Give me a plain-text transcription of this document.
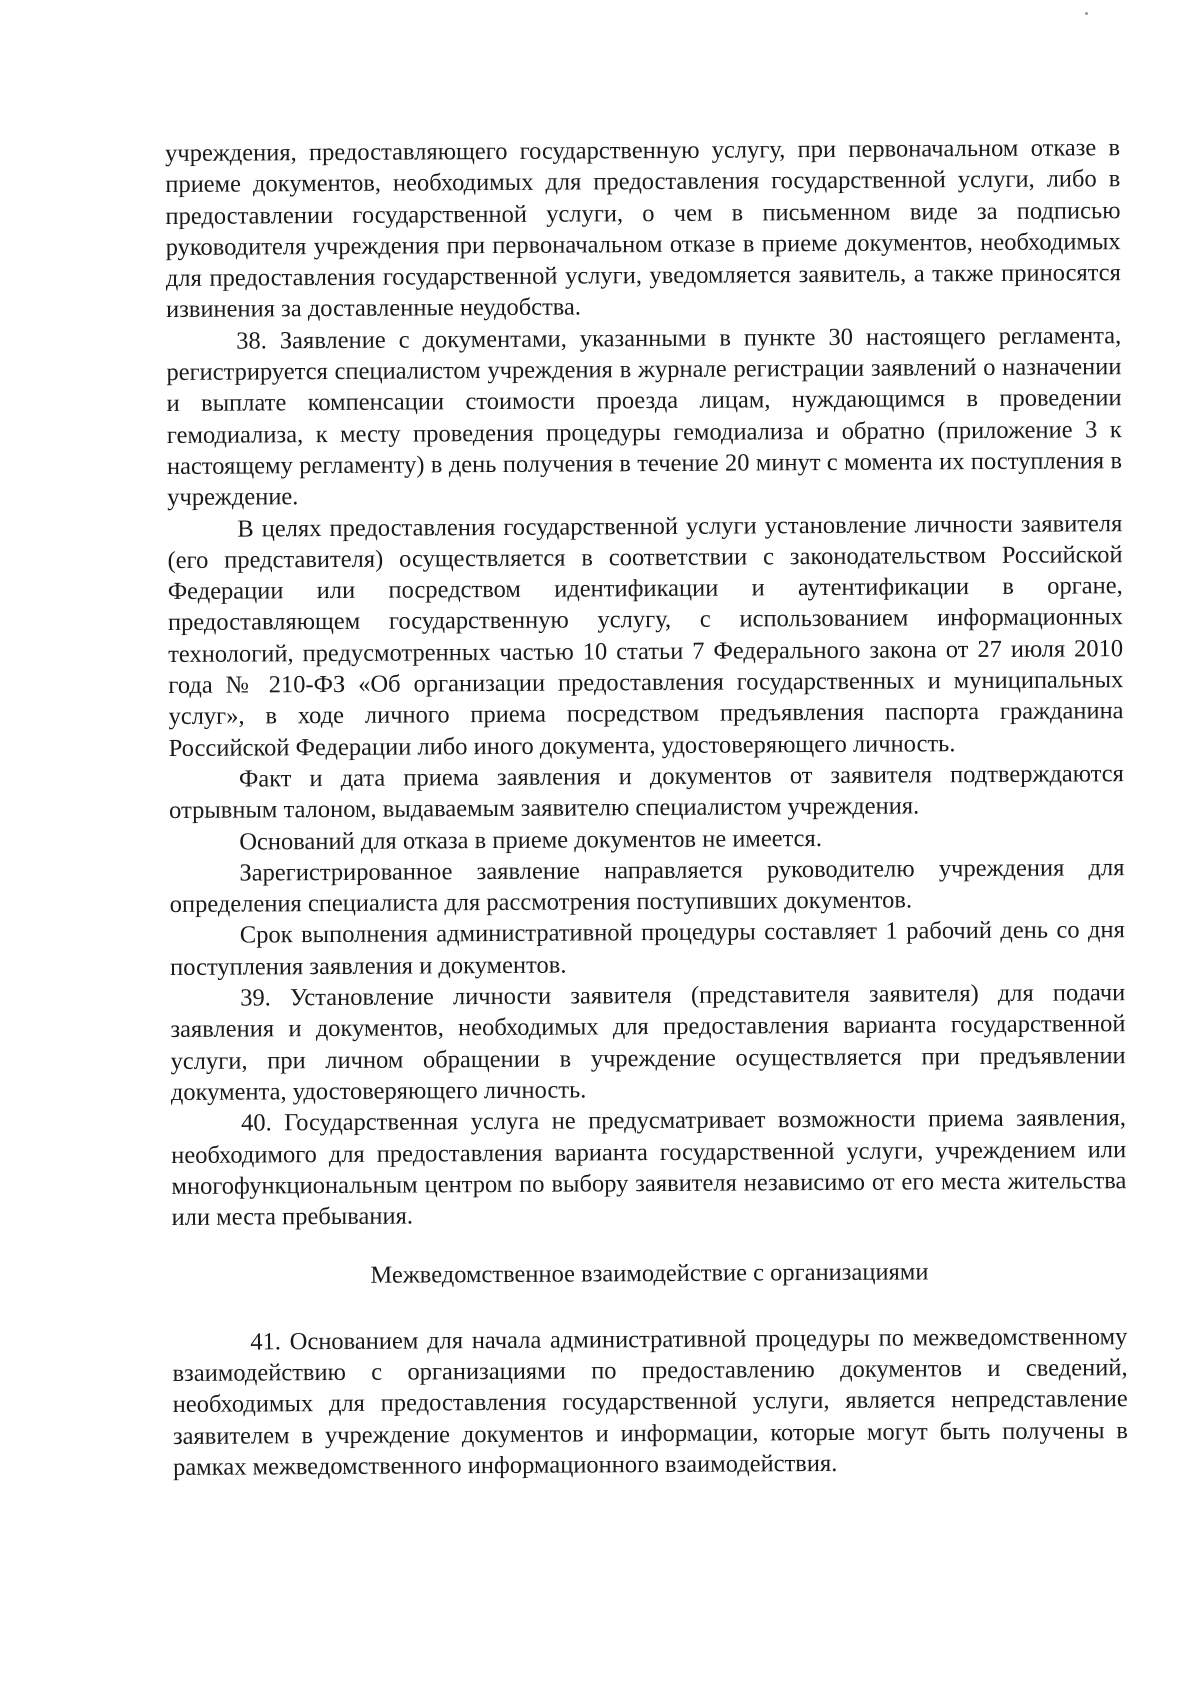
учреждения, предоставляющего государственную услугу, при первоначальном отказе в приеме документов, необходимых для предоставления государственной услуги, либо в предоставлении государственной услуги, о чем в письменном виде за подписью руководителя учреждения при первоначальном отказе в приеме документов, необходимых для предоставления государственной услуги, уведомляется заявитель, а также приносятся извинения за доставленные неудобства.

38. Заявление с документами, указанными в пункте 30 настоящего регламента, регистрируется специалистом учреждения в журнале регистрации заявлений о назначении и выплате компенсации стоимости проезда лицам, нуждающимся в проведении гемодиализа, к месту проведения процедуры гемодиализа и обратно (приложение 3 к настоящему регламенту) в день получения в течение 20 минут с момента их поступления в учреждение.

В целях предоставления государственной услуги установление личности заявителя (его представителя) осуществляется в соответствии с законодательством Российской Федерации или посредством идентификации и аутентификации в органе, предоставляющем государственную услугу, с использованием информационных технологий, предусмотренных частью 10 статьи 7 Федерального закона от 27 июля 2010 года № 210-ФЗ «Об организации предоставления государственных и муниципальных услуг», в ходе личного приема посредством предъявления паспорта гражданина Российской Федерации либо иного документа, удостоверяющего личность.

Факт и дата приема заявления и документов от заявителя подтверждаются отрывным талоном, выдаваемым заявителю специалистом учреждения.

Оснований для отказа в приеме документов не имеется.

Зарегистрированное заявление направляется руководителю учреждения для определения специалиста для рассмотрения поступивших документов.

Срок выполнения административной процедуры составляет 1 рабочий день со дня поступления заявления и документов.

39. Установление личности заявителя (представителя заявителя) для подачи заявления и документов, необходимых для предоставления варианта государственной услуги, при личном обращении в учреждение осуществляется при предъявлении документа, удостоверяющего личность.

40. Государственная услуга не предусматривает возможности приема заявления, необходимого для предоставления варианта государственной услуги, учреждением или многофункциональным центром по выбору заявителя независимо от его места жительства или места пребывания.

Межведомственное взаимодействие с организациями

41. Основанием для начала административной процедуры по межведомственному взаимодействию с организациями по предоставлению документов и сведений, необходимых для предоставления государственной услуги, является непредставление заявителем в учреждение документов и информации, которые могут быть получены в рамках межведомственного информационного взаимодействия.
